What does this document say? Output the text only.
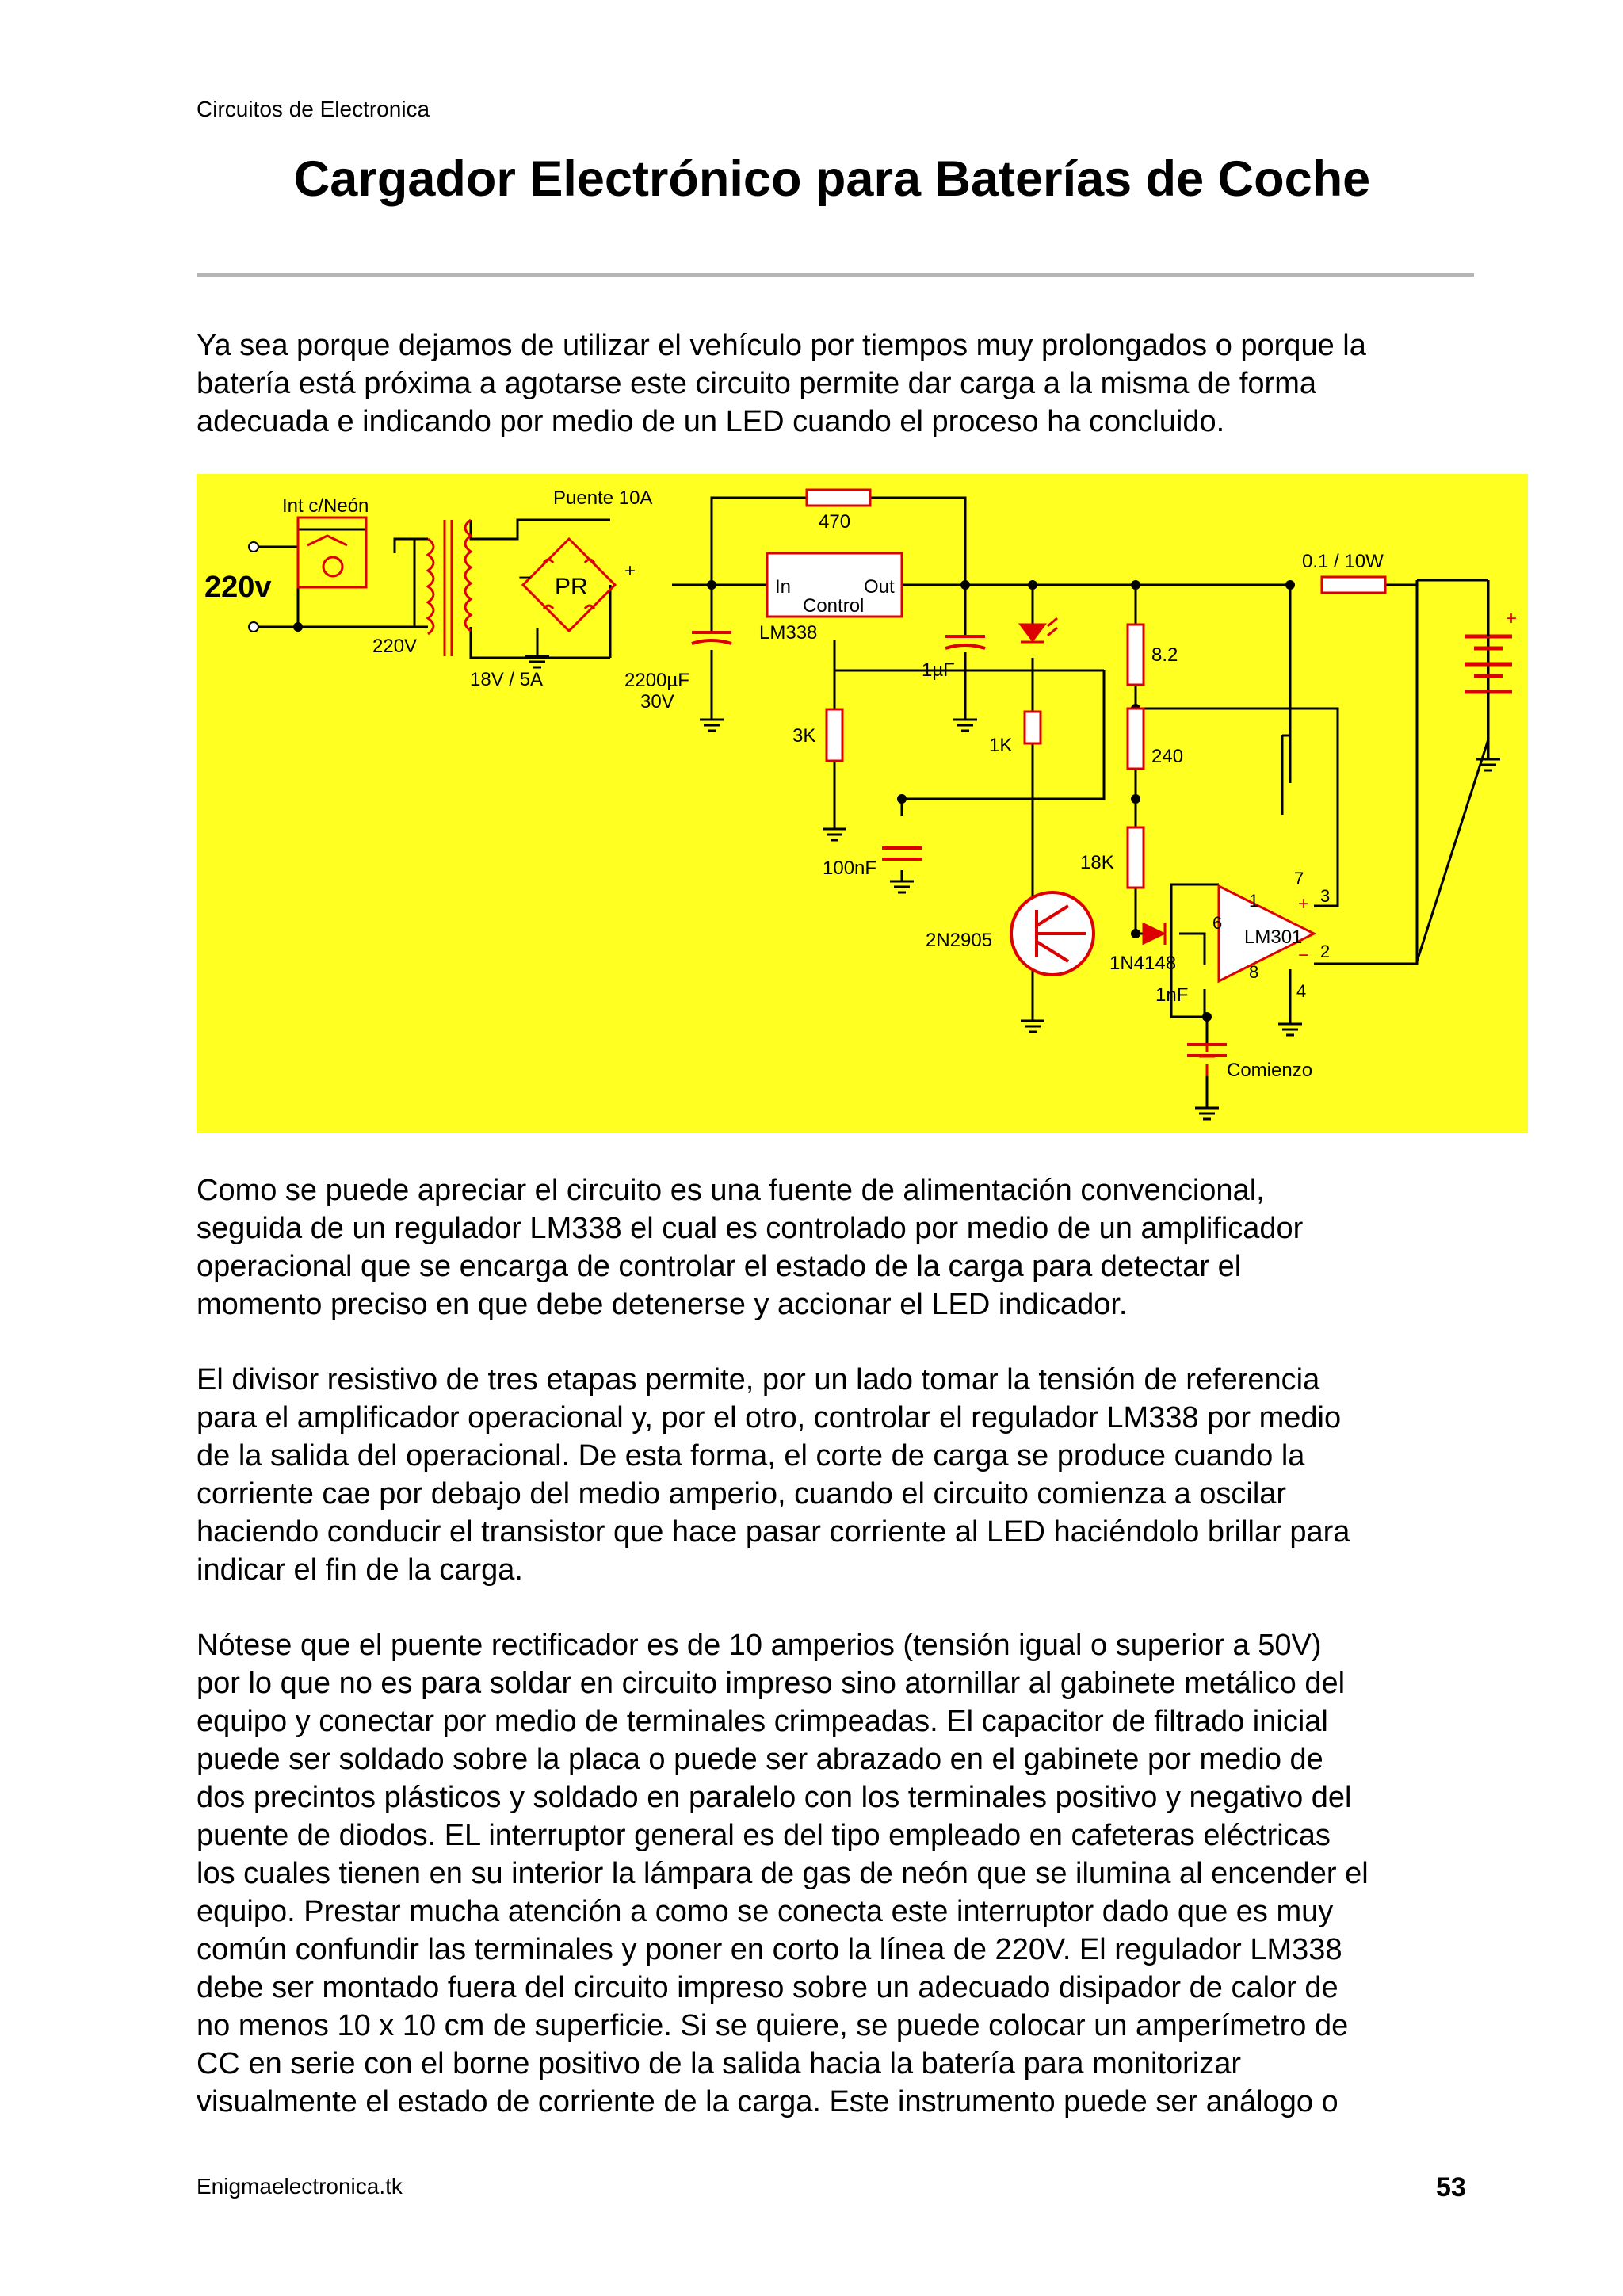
Circuitos de Electronica
Cargador Electrónico para Baterías de Coche
Ya sea porque dejamos de utilizar el vehículo por tiempos muy prolongados o porque la
batería está próxima a agotarse este circuito permite dar carga a la misma de forma
adecuada e indicando por medio de un LED cuando el proceso ha concluido.
Int c/Neón
220v
220V
18V / 5A
PR
Puente 10A
−	+
2200µF
30V
1µF
100nF
1nF
470
3K	1K
8.2
240
18K
0.1 / 10W
In	Out
Control
LM338
2N2905
1N4148
LM301
1
6
7
3
2
8
4
+
−
Comienzo
+
Como se puede apreciar el circuito es una fuente de alimentación convencional,
seguida de un regulador LM338 el cual es controlado por medio de un amplificador
operacional que se encarga de controlar el estado de la carga para detectar el
momento preciso en que debe detenerse y accionar el LED indicador.
El divisor resistivo de tres etapas permite, por un lado tomar la tensión de referencia
para el amplificador operacional y, por el otro, controlar el regulador LM338 por medio
de la salida del operacional. De esta forma, el corte de carga se produce cuando la
corriente cae por debajo del medio amperio, cuando el circuito comienza a oscilar
haciendo conducir el transistor que hace pasar corriente al LED haciéndolo brillar para
indicar el fin de la carga.
Nótese que el puente rectificador es de 10 amperios (tensión igual o superior a 50V)
por lo que no es para soldar en circuito impreso sino atornillar al gabinete metálico del
equipo y conectar por medio de terminales crimpeadas. El capacitor de filtrado inicial
puede ser soldado sobre la placa o puede ser abrazado en el gabinete por medio de
dos precintos plásticos y soldado en paralelo con los terminales positivo y negativo del
puente de diodos. EL interruptor general es del tipo empleado en cafeteras eléctricas
los cuales tienen en su interior la lámpara de gas de neón que se ilumina al encender el
equipo. Prestar mucha atención a como se conecta este interruptor dado que es muy
común confundir las terminales y poner en corto la línea de 220V. El regulador LM338
debe ser montado fuera del circuito impreso sobre un adecuado disipador de calor de
no menos 10 x 10 cm de superficie. Si se quiere, se puede colocar un amperímetro de
CC en serie con el borne positivo de la salida hacia la batería para monitorizar
visualmente el estado de corriente de la carga. Este instrumento puede ser análogo o
Enigmaelectronica.tk	53
